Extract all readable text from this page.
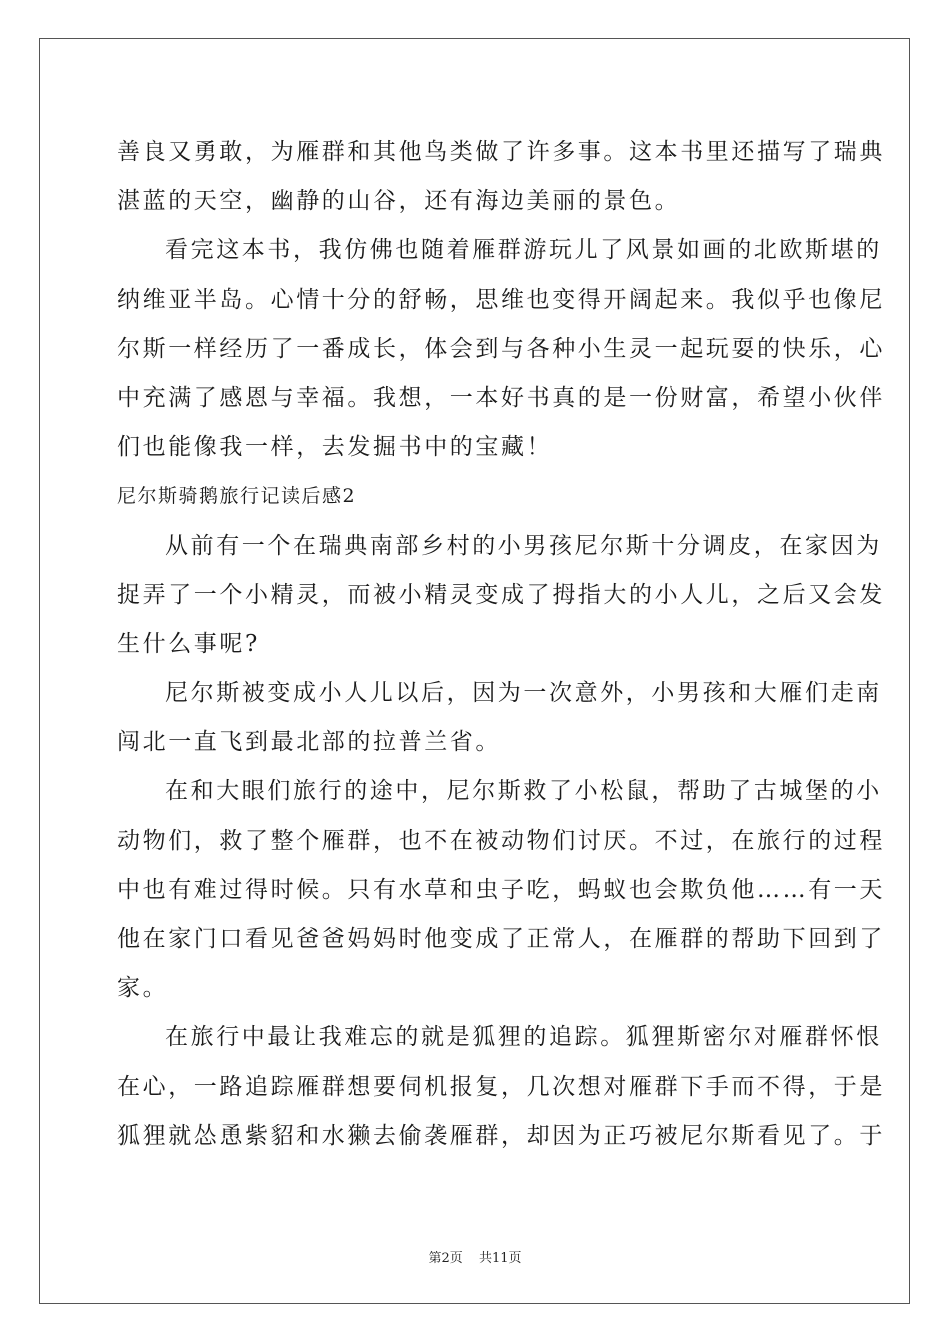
善良又勇敢，为雁群和其他鸟类做了许多事。这本书里还描写了瑞典
湛蓝的天空，幽静的山谷，还有海边美丽的景色。
看完这本书，我仿佛也随着雁群游玩儿了风景如画的北欧斯堪的
纳维亚半岛。心情十分的舒畅，思维也变得开阔起来。我似乎也像尼
尔斯一样经历了一番成长，体会到与各种小生灵一起玩耍的快乐，心
中充满了感恩与幸福。我想，一本好书真的是一份财富，希望小伙伴
们也能像我一样，去发掘书中的宝藏！
尼尔斯骑鹅旅行记读后感2
从前有一个在瑞典南部乡村的小男孩尼尔斯十分调皮，在家因为
捉弄了一个小精灵，而被小精灵变成了拇指大的小人儿，之后又会发
生什么事呢?
尼尔斯被变成小人儿以后，因为一次意外，小男孩和大雁们走南
闯北一直飞到最北部的拉普兰省。
在和大眼们旅行的途中，尼尔斯救了小松鼠，帮助了古城堡的小
动物们，救了整个雁群，也不在被动物们讨厌。不过，在旅行的过程
中也有难过得时候。只有水草和虫子吃，蚂蚁也会欺负他……有一天
他在家门口看见爸爸妈妈时他变成了正常人，在雁群的帮助下回到了
家。
在旅行中最让我难忘的就是狐狸的追踪。狐狸斯密尔对雁群怀恨
在心，一路追踪雁群想要伺机报复，几次想对雁群下手而不得，于是
狐狸就怂恿紫貂和水獭去偷袭雁群，却因为正巧被尼尔斯看见了。于
第2页 共11页
